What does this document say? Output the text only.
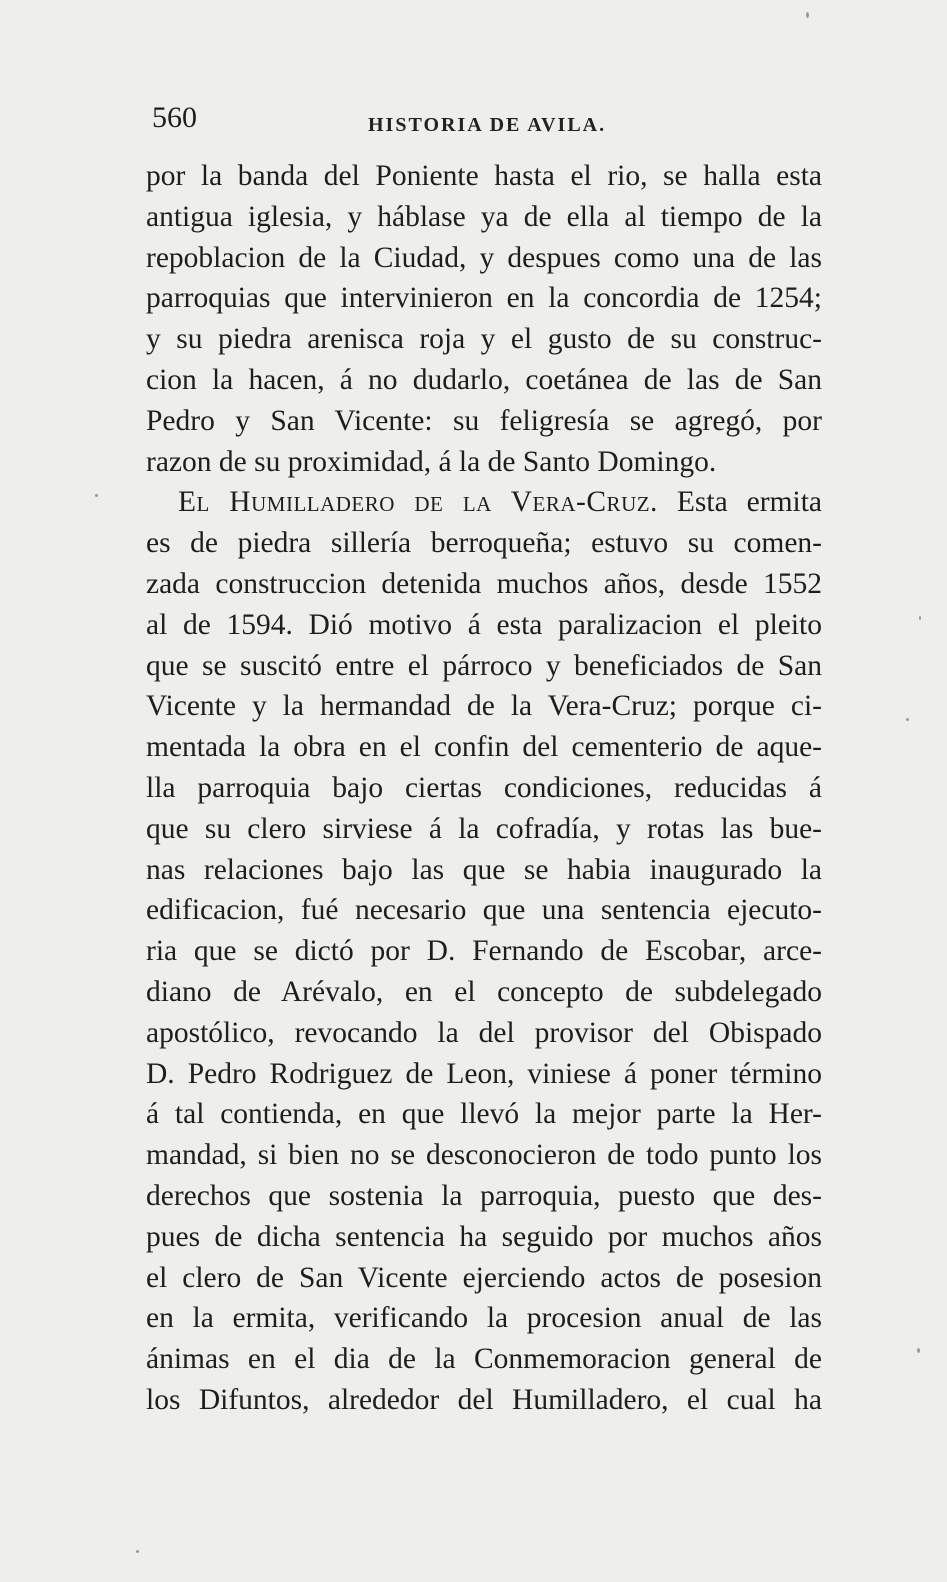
560	HISTORIA DE AVILA.
por la banda del Poniente hasta el rio, se halla esta
antigua iglesia, y háblase ya de ella al tiempo de la
repoblacion de la Ciudad, y despues como una de las
parroquias que intervinieron en la concordia de 1254;
y su piedra arenisca roja y el gusto de su construc-
cion la hacen, á no dudarlo, coetánea de las de San
Pedro y San Vicente: su feligresía se agregó, por
razon de su proximidad, á la de Santo Domingo.
El Humilladero de la Vera-Cruz. Esta ermita
es de piedra sillería berroqueña; estuvo su comen-
zada construccion detenida muchos años, desde 1552
al de 1594. Dió motivo á esta paralizacion el pleito
que se suscitó entre el párroco y beneficiados de San
Vicente y la hermandad de la Vera-Cruz; porque ci-
mentada la obra en el confin del cementerio de aque-
lla parroquia bajo ciertas condiciones, reducidas á
que su clero sirviese á la cofradía, y rotas las bue-
nas relaciones bajo las que se habia inaugurado la
edificacion, fué necesario que una sentencia ejecuto-
ria que se dictó por D. Fernando de Escobar, arce-
diano de Arévalo, en el concepto de subdelegado
apostólico, revocando la del provisor del Obispado
D. Pedro Rodriguez de Leon, viniese á poner término
á tal contienda, en que llevó la mejor parte la Her-
mandad, si bien no se desconocieron de todo punto los
derechos que sostenia la parroquia, puesto que des-
pues de dicha sentencia ha seguido por muchos años
el clero de San Vicente ejerciendo actos de posesion
en la ermita, verificando la procesion anual de las
ánimas en el dia de la Conmemoracion general de
los Difuntos, alrededor del Humilladero, el cual ha
